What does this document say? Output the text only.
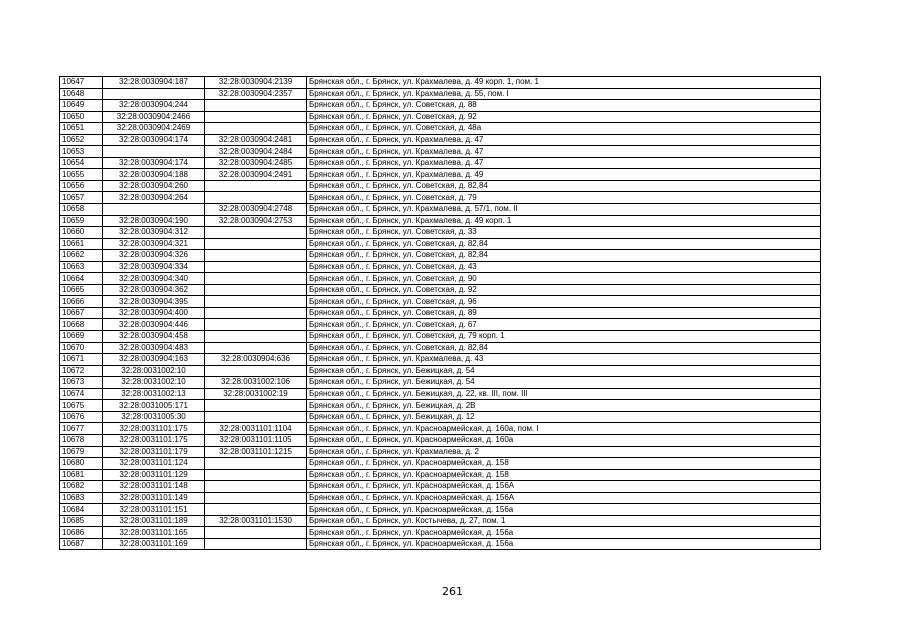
10647	32:28:0030904:187	32:28:0030904:2139	Брянская обл., г. Брянск, ул. Крахмалева, д. 49 корп. 1, пом. 1
10648		32:28:0030904:2357	Брянская обл., г. Брянск, ул. Крахмалева, д. 55, пом. I
10649	32:28:0030904:244		Брянская обл., г. Брянск, ул. Советская, д. 88
10650	32:28:0030904:2466		Брянская обл., г. Брянск, ул. Советская, д. 92
10651	32:28:0030904:2469		Брянская обл., г. Брянск, ул. Советская, д. 48а
10652	32:28:0030904:174	32:28:0030904:2481	Брянская обл., г. Брянск, ул. Крахмалева, д. 47
10653		32:28:0030904:2484	Брянская обл., г. Брянск, ул. Крахмалева, д. 47
10654	32:28:0030904:174	32:28:0030904:2485	Брянская обл., г. Брянск, ул. Крахмалева, д. 47
10655	32:28:0030904:188	32:28:0030904:2491	Брянская обл., г. Брянск, ул. Крахмалева, д. 49
10656	32:28:0030904:260		Брянская обл., г. Брянск, ул. Советская, д. 82,84
10657	32:28:0030904:264		Брянская обл., г. Брянск, ул. Советская, д. 79
10658		32:28:0030904:2748	Брянская обл., г. Брянск, ул. Крахмалева, д. 57/1, пом. II
10659	32:28:0030904:190	32:28:0030904:2753	Брянская обл., г. Брянск, ул. Крахмалева, д. 49 корп. 1
10660	32:28:0030904:312		Брянская обл., г. Брянск, ул. Советская, д. 33
10661	32:28:0030904:321		Брянская обл., г. Брянск, ул. Советская, д. 82,84
10662	32:28:0030904:326		Брянская обл., г. Брянск, ул. Советская, д. 82,84
10663	32:28:0030904:334		Брянская обл., г. Брянск, ул. Советская, д. 43
10664	32:28:0030904:340		Брянская обл., г. Брянск, ул. Советская, д. 90
10665	32:28:0030904:362		Брянская обл., г. Брянск, ул. Советская, д. 92
10666	32:28:0030904:395		Брянская обл., г. Брянск, ул. Советская, д. 96
10667	32:28:0030904:400		Брянская обл., г. Брянск, ул. Советская, д. 89
10668	32:28:0030904:446		Брянская обл., г. Брянск, ул. Советская, д. 67
10669	32:28:0030904:458		Брянская обл., г. Брянск, ул. Советская, д. 79 корп. 1
10670	32:28:0030904:483		Брянская обл., г. Брянск, ул. Советская, д. 82,84
10671	32:28:0030904:163	32:28:0030904:636	Брянская обл., г. Брянск, ул. Крахмалева, д. 43
10672	32:28:0031002:10		Брянская обл., г. Брянск, ул. Бежицкая, д. 54
10673	32:28:0031002:10	32:28:0031002:106	Брянская обл., г. Брянск, ул. Бежицкая, д. 54
10674	32:28:0031002:13	32:28:0031002:19	Брянская обл., г. Брянск, ул. Бежицкая, д. 22, кв. III, пом. III
10675	32:28:0031005:171		Брянская обл., г. Брянск, ул. Бежицкая, д. 2В
10676	32:28:0031005:30		Брянская обл., г. Брянск, ул. Бежицкая, д. 12
10677	32:28:0031101:175	32:28:0031101:1104	Брянская обл., г. Брянск, ул. Красноармейская, д. 160а, пом. I
10678	32:28:0031101:175	32:28:0031101:1105	Брянская обл., г. Брянск, ул. Красноармейская, д. 160а
10679	32:28:0031101:179	32:28:0031101:1215	Брянская обл., г. Брянск, ул. Крахмалева, д. 2
10680	32:28:0031101:124		Брянская обл., г. Брянск, ул. Красноармейская, д. 158
10681	32:28:0031101:129		Брянская обл., г. Брянск, ул. Красноармейская, д. 158
10682	32:28:0031101:148		Брянская обл., г. Брянск, ул. Красноармейская, д. 156А
10683	32:28:0031101:149		Брянская обл., г. Брянск, ул. Красноармейская, д. 156А
10684	32:28:0031101:151		Брянская обл., г. Брянск, ул. Красноармейская, д. 156а
10685	32:28:0031101:189	32:28:0031101:1530	Брянская обл., г. Брянск, ул. Костычева, д. 27, пом. 1
10686	32:28:0031101:165		Брянская обл., г. Брянск, ул. Красноармейская, д. 156а
10687	32:28:0031101:169		Брянская обл., г. Брянск, ул. Красноармейская, д. 156а
261
